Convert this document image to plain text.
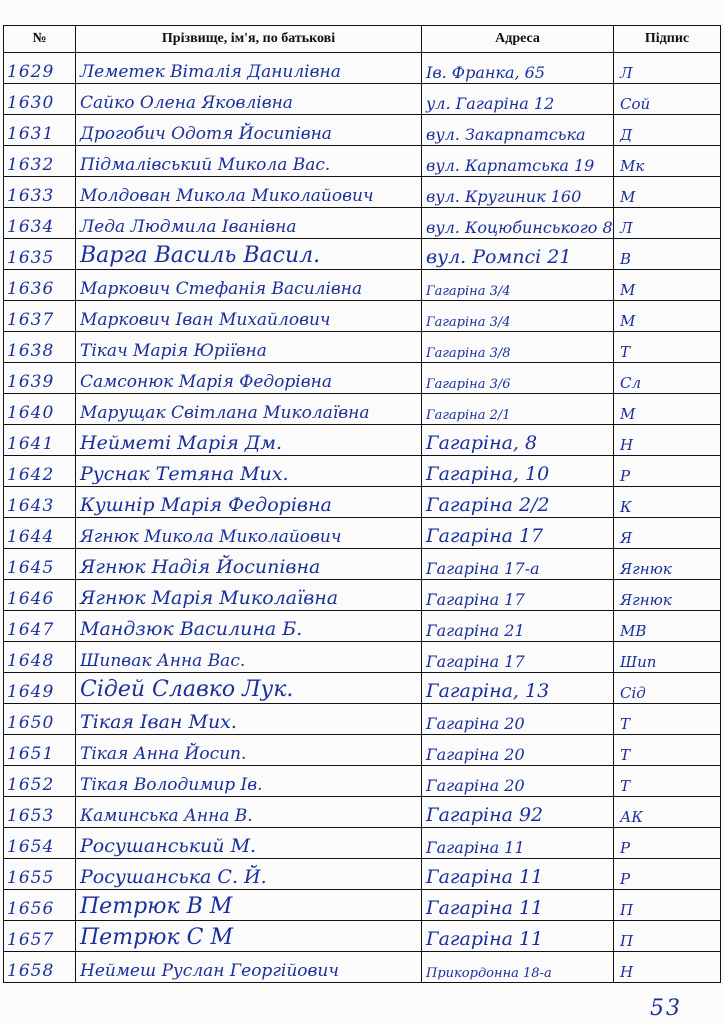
№	Прізвище, ім'я, по батькові	Адреса	Підпис

1629	Леметек Віталія Данилівна	Ів. Франка, 65	Л

1630	Сайко Олена Яковлівна	ул. Гагаріна 12	Сой

1631	Дрогобич Одотя Йосипівна	вул. Закарпатська	Д

1632	Підмалівський Микола Вас.	вул. Карпатська 19	Мк

1633	Молдован Микола Миколайович	вул. Кругиник 160	М

1634	Леда Людмила Іванівна	вул. Коцюбинського 8	Л

1635	Варга Василь Васил.	вул. Ромпсі 21	В

1636	Маркович Стефанія Василівна	Гагаріна 3/4	М

1637	Маркович Іван Михайлович	Гагаріна 3/4	М

1638	Тікач Марія Юріївна	Гагаріна 3/8	Т

1639	Самсонюк Марія Федорівна	Гагаріна 3/6	Сл

1640	Марущак Світлана Миколаївна	Гагаріна 2/1	М

1641	Нейметі Марія Дм.	Гагаріна, 8	Н

1642	Руснак Тетяна Мих.	Гагаріна, 10	Р

1643	Кушнір Марія Федорівна	Гагаріна 2/2	К

1644	Ягнюк Микола Миколайович	Гагаріна 17	Я

1645	Ягнюк Надія Йосипівна	Гагаріна 17-а	Ягнюк

1646	Ягнюк Марія Миколаївна	Гагаріна 17	Ягнюк

1647	Мандзюк Василина Б.	Гагаріна 21	МВ

1648	Шипвак Анна Вас.	Гагаріна 17	Шип

1649	Сідей Славко Лук.	Гагаріна, 13	Сід

1650	Тікая Іван Мих.	Гагаріна 20	Т

1651	Тікая Анна Йосип.	Гагаріна 20	Т

1652	Тікая Володимир Ів.	Гагаріна 20	Т

1653	Каминська Анна В.	Гагаріна 92	АК

1654	Росушанський М.	Гагаріна 11	Р

1655	Росушанська С. Й.	Гагаріна 11	Р

1656	Петрюк В М	Гагаріна 11	П

1657	Петрюк С М	Гагаріна 11	П

1658	Неймеш Руслан Георгійович	Прикордонна 18-а	Н
53
